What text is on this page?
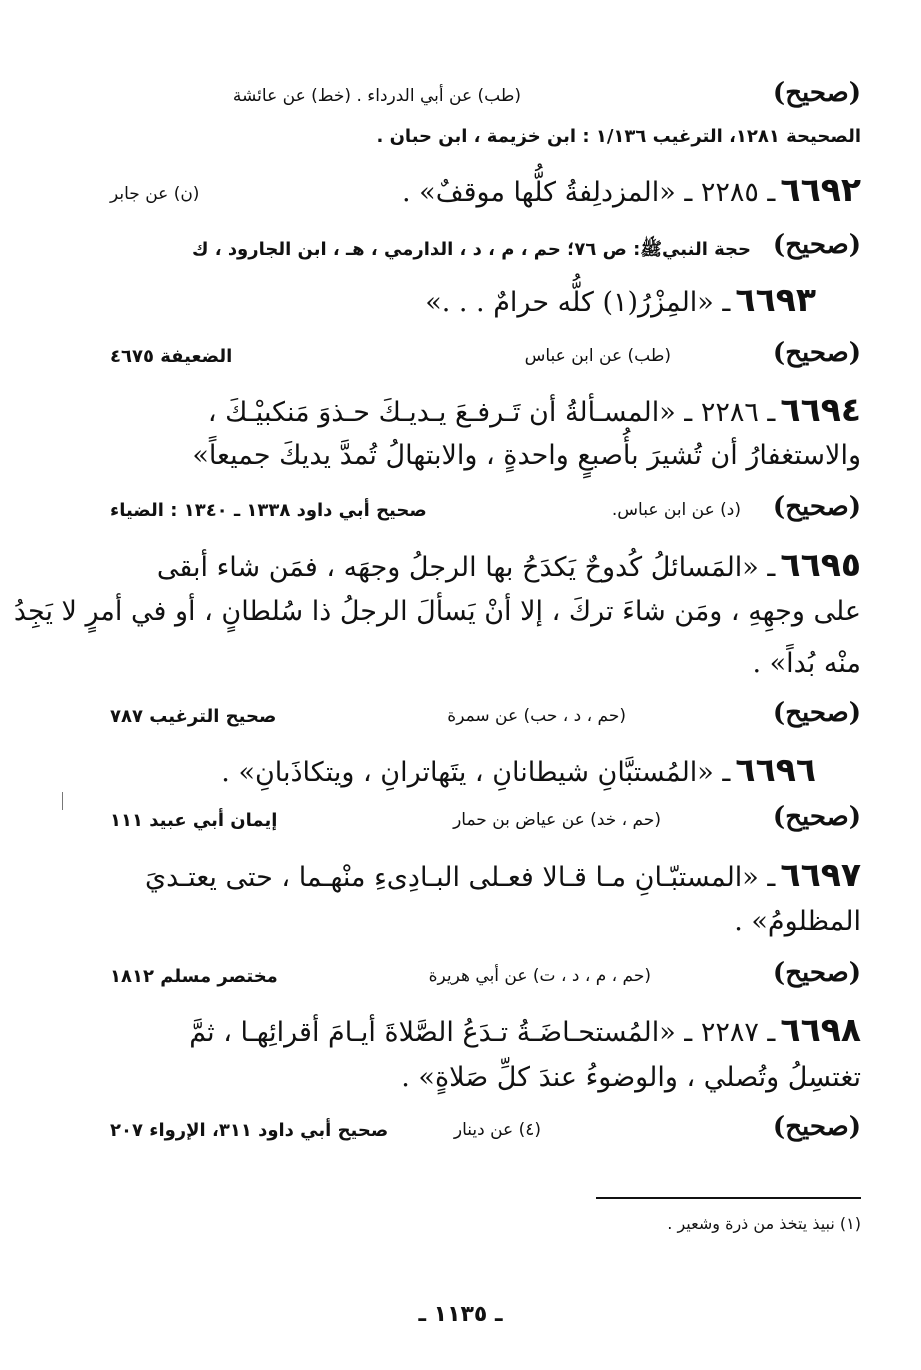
(صحيح)
(طب) عن أبي الدرداء . (خط) عن عائشة
الصحيحة ١٢٨١، الترغيب ١/١٣٦ : ابن خزيمة ، ابن حبان .
٦٦٩٢ ـ ٢٢٨٥ ـ «المزدلِفةُ كلُّها موقفٌ» .
(ن) عن جابر
(صحيح)
حجة النبيﷺ: ص ٧٦؛ حم ، م ، د ، الدارمي ، هـ ، ابن الجارود ، ك
٦٦٩٣ ـ «المِزْرُ(١) كلُّه حرامٌ . . .»
(صحيح)
(طب) عن ابن عباس
الضعيفة ٤٦٧٥
٦٦٩٤ ـ ٢٢٨٦ ـ «المسـألةُ أن تَـرفـعَ يـديـكَ حـذوَ مَنكبيْـكَ ،
والاستغفارُ أن تُشيرَ بأُصبعٍ واحدةٍ ، والابتهالُ تُمدَّ يديكَ جميعاً»
(صحيح)
(د) عن ابن عباس.
صحيح أبي داود ١٣٣٨ ـ ١٣٤٠ : الضياء
٦٦٩٥ ـ «المَسائلُ كُدوحٌ يَكدَحُ بها الرجلُ وجهَه ، فمَن شاء أبقى
على وجهِهِ ، ومَن شاءَ تركَ ، إلا أنْ يَسألَ الرجلُ ذا سُلطانٍ ، أو في أمرٍ لا يَجِدُ
منْه بُداً» .
(صحيح)
(حم ، د ، حب) عن سمرة
صحيح الترغيب ٧٨٧
٦٦٩٦ ـ «المُستبَّانِ شيطانانِ ، يتَهاترانِ ، ويتكاذَبانِ» .
(صحيح)
(حم ، خد) عن عياض بن حمار
إيمان أبي عبيد ١١١
٦٦٩٧ ـ «المستبّـانِ مـا قـالا فعـلى البـادِىءِ منْهـما ، حتى يعتـديَ
المظلومُ» .
(صحيح)
(حم ، م ، د ، ت) عن أبي هريرة
مختصر مسلم ١٨١٢
٦٦٩٨ ـ ٢٢٨٧ ـ «المُستحـاضَـةُ تـدَعُ الصَّلاةَ أيـامَ أقرائِهـا ، ثمَّ
تغتسِلُ وتُصلي ، والوضوءُ عندَ كلِّ صَلاةٍ» .
(صحيح)
(٤) عن دينار
صحيح أبي داود ٣١١، الإرواء ٢٠٧
(١) نبيذ يتخذ من ذرة وشعير .
ـ ١١٣٥ ـ
